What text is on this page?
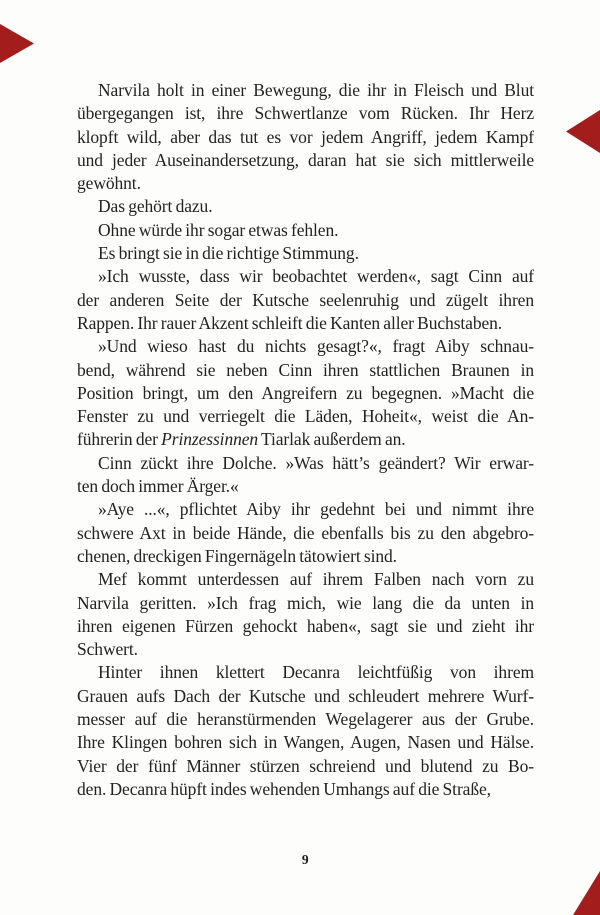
Narvila holt in einer Bewegung, die ihr in Fleisch und Blut
übergegangen ist, ihre Schwertlanze vom Rücken. Ihr Herz
klopft wild, aber das tut es vor jedem Angriff, jedem Kampf
und jeder Auseinandersetzung, daran hat sie sich mittlerweile
gewöhnt.
Das gehört dazu.
Ohne würde ihr sogar etwas fehlen.
Es bringt sie in die richtige Stimmung.
»Ich wusste, dass wir beobachtet werden«, sagt Cinn auf
der anderen Seite der Kutsche seelenruhig und zügelt ihren
Rappen. Ihr rauer Akzent schleift die Kanten aller Buchstaben.
»Und wieso hast du nichts gesagt?«, fragt Aiby schnau-
bend, während sie neben Cinn ihren stattlichen Braunen in
Position bringt, um den Angreifern zu begegnen. »Macht die
Fenster zu und verriegelt die Läden, Hoheit«, weist die An-
führerin der Prinzessinnen Tiarlak außerdem an.
Cinn zückt ihre Dolche. »Was hätt’s geändert? Wir erwar-
ten doch immer Ärger.«
»Aye ...«, pflichtet Aiby ihr gedehnt bei und nimmt ihre
schwere Axt in beide Hände, die ebenfalls bis zu den abgebro-
chenen, dreckigen Fingernägeln tätowiert sind.
Mef kommt unterdessen auf ihrem Falben nach vorn zu
Narvila geritten. »Ich frag mich, wie lang die da unten in
ihren eigenen Fürzen gehockt haben«, sagt sie und zieht ihr
Schwert.
Hinter ihnen klettert Decanra leichtfüßig von ihrem
Grauen aufs Dach der Kutsche und schleudert mehrere Wurf-
messer auf die heranstürmenden Wegelagerer aus der Grube.
Ihre Klingen bohren sich in Wangen, Augen, Nasen und Hälse.
Vier der fünf Männer stürzen schreiend und blutend zu Bo-
den. Decanra hüpft indes wehenden Umhangs auf die Straße,
9
